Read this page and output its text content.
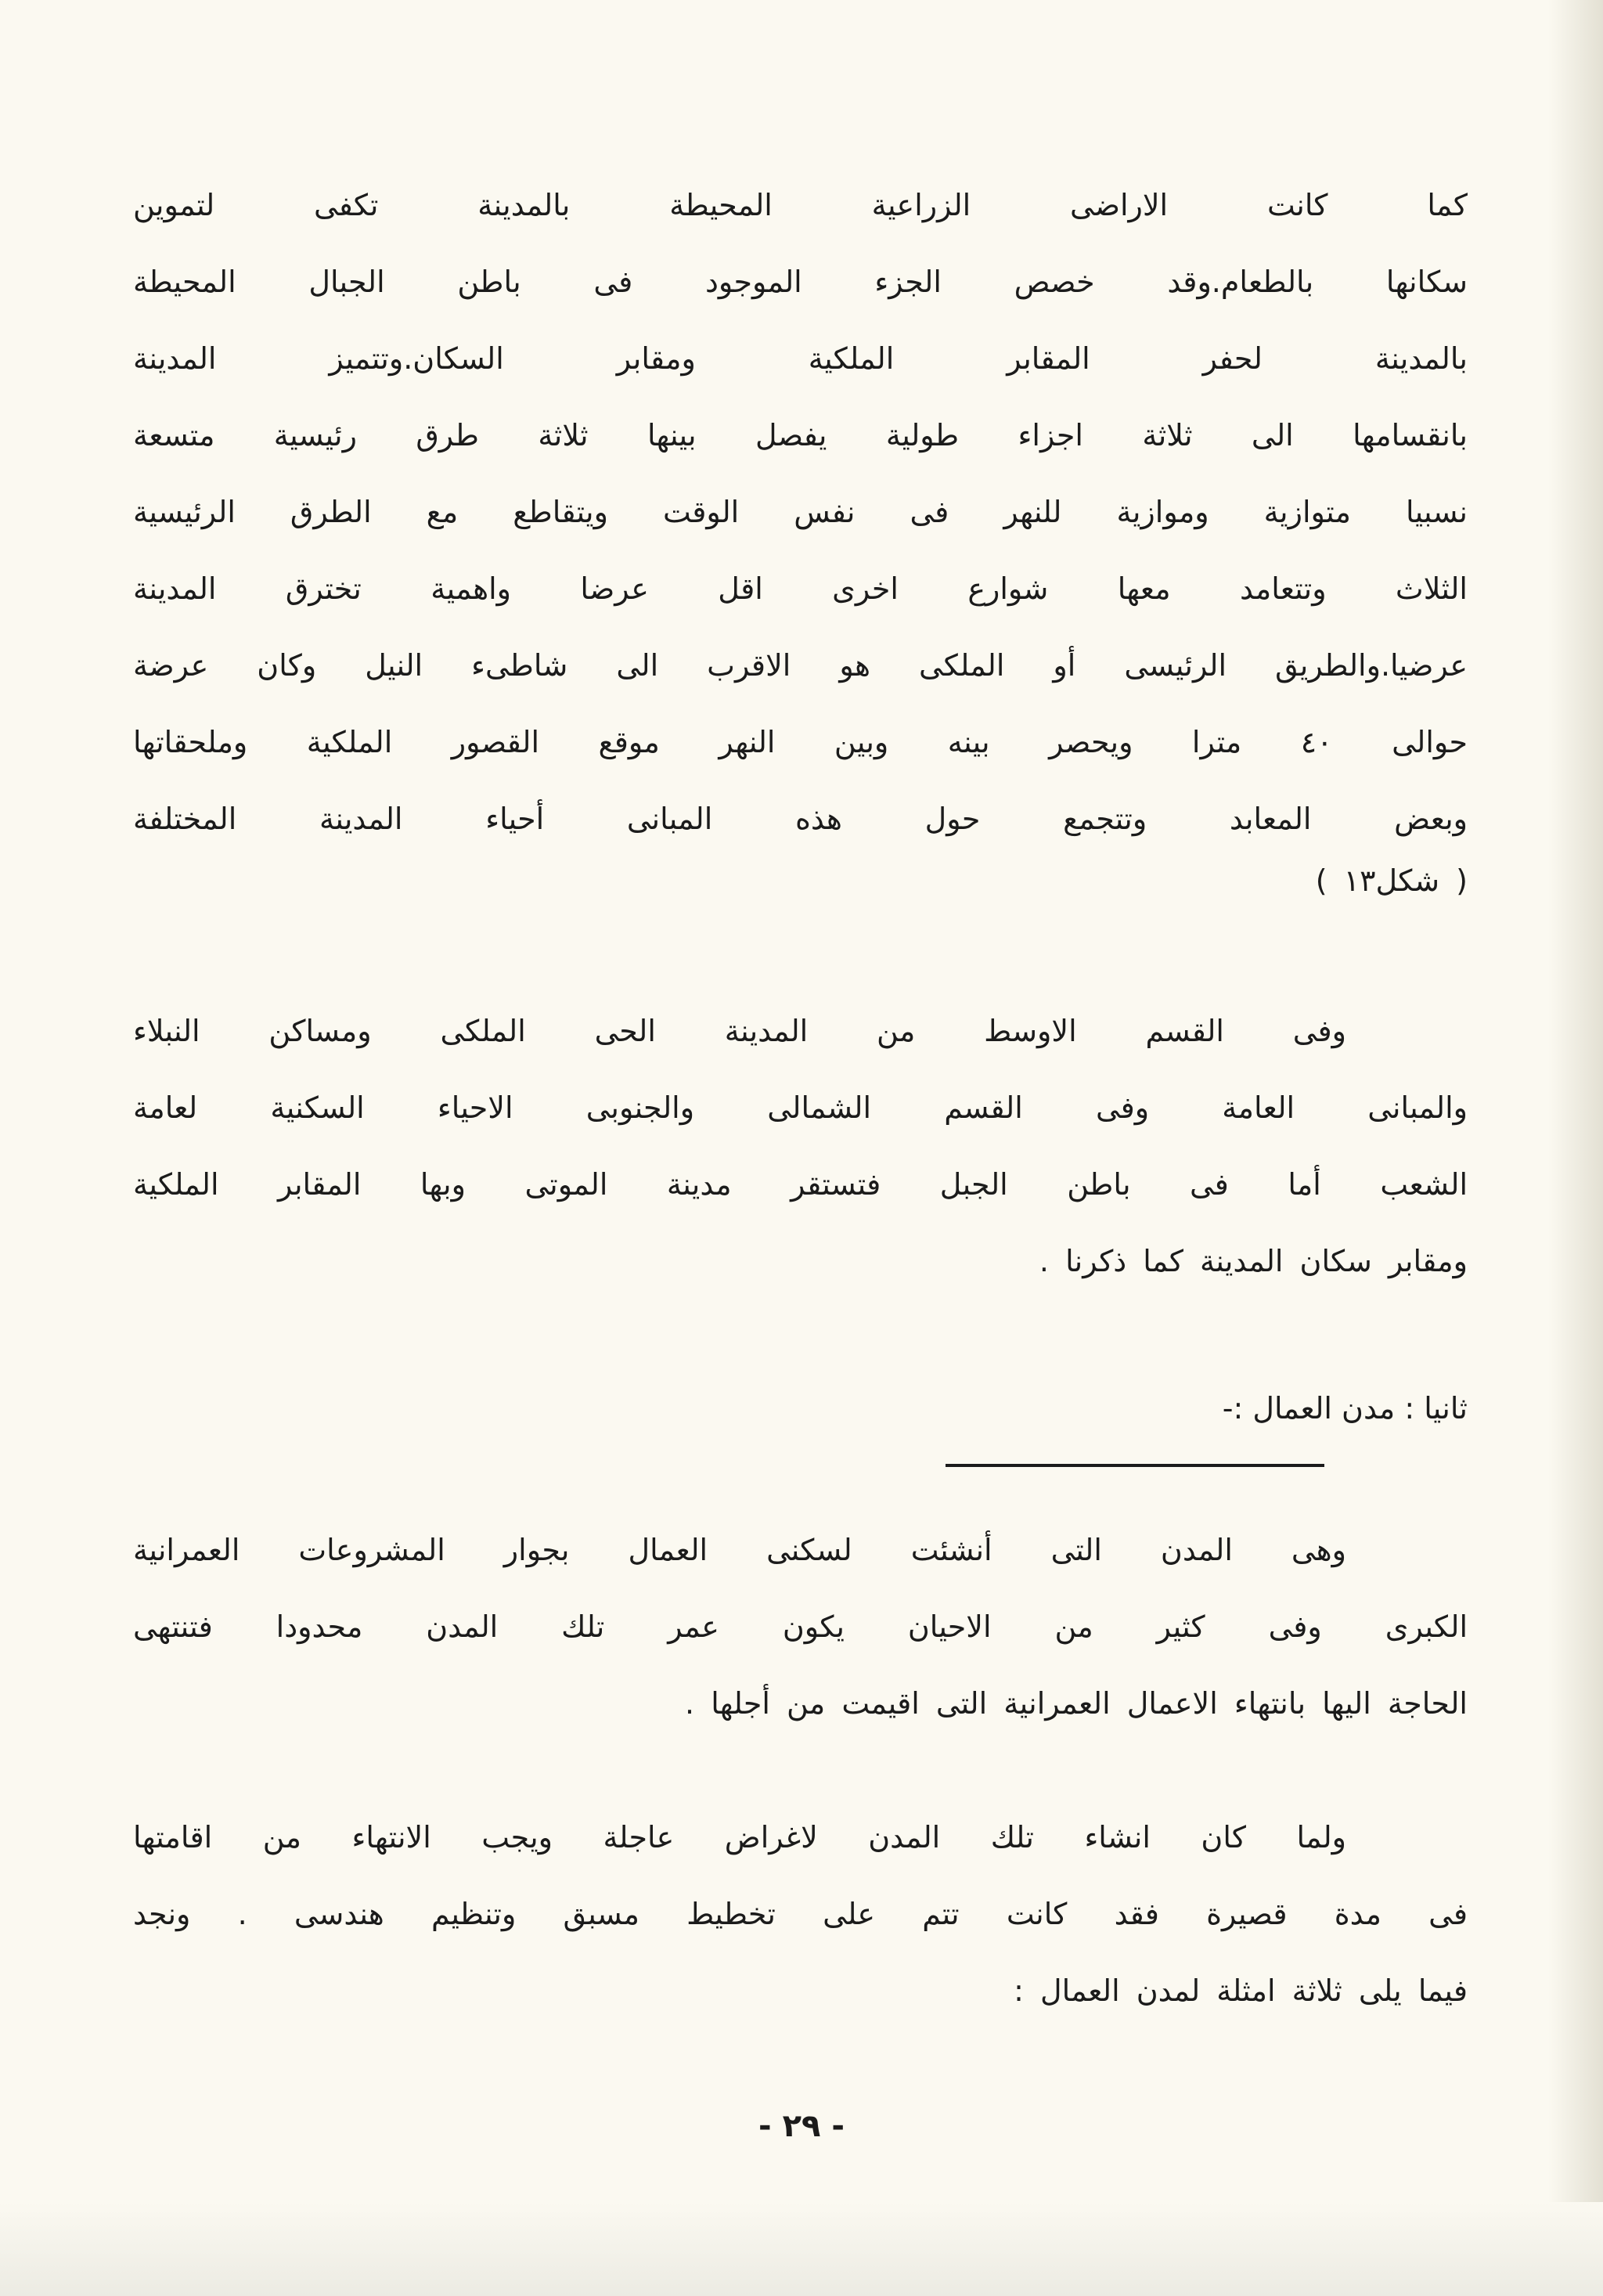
كما كانت الاراضى الزراعية المحيطة بالمدينة تكفى لتموين
سكانها بالطعام.وقد خصص الجزء الموجود فى باطن الجبال المحيطة
بالمدينة لحفر المقابر الملكية ومقابر السكان.وتتميز المدينة
بانقسامها الى ثلاثة اجزاء طولية يفصل بينها ثلاثة طرق رئيسية متسعة
نسبيا متوازية وموازية للنهر فى نفس الوقت ويتقاطع مع الطرق الرئيسية
الثلاث وتتعامد معها شوارع اخرى اقل عرضا واهمية تخترق المدينة
عرضيا.والطريق الرئيسى أو الملكى هو الاقرب الى شاطىء النيل وكان عرضة
حوالى ٤٠ مترا ويحصر بينه وبين النهر موقع القصور الملكية وملحقاتها
وبعض المعابد وتتجمع حول هذه المبانى أحياء المدينة المختلفة
( شكل١٣ )
وفى القسم الاوسط من المدينة الحى الملكى ومساكن النبلاء
والمبانى العامة وفى القسم الشمالى والجنوبى الاحياء السكنية لعامة
الشعب أما فى باطن الجبل فتستقر مدينة الموتى وبها المقابر الملكية
ومقابر سكان المدينة كما ذكرنا .
ثانيا : مدن العمال :-
وهى المدن التى أنشئت لسكنى العمال بجوار المشروعات العمرانية
الكبرى وفى كثير من الاحيان يكون عمر تلك المدن محدودا فتنتهى
الحاجة اليها بانتهاء الاعمال العمرانية التى اقيمت من أجلها .
ولما كان انشاء تلك المدن لاغراض عاجلة ويجب الانتهاء من اقامتها
فى مدة قصيرة فقد كانت تتم على تخطيط مسبق وتنظيم هندسى . ونجد
فيما يلى ثلاثة امثلة لمدن العمال :
- ٢٩ -
